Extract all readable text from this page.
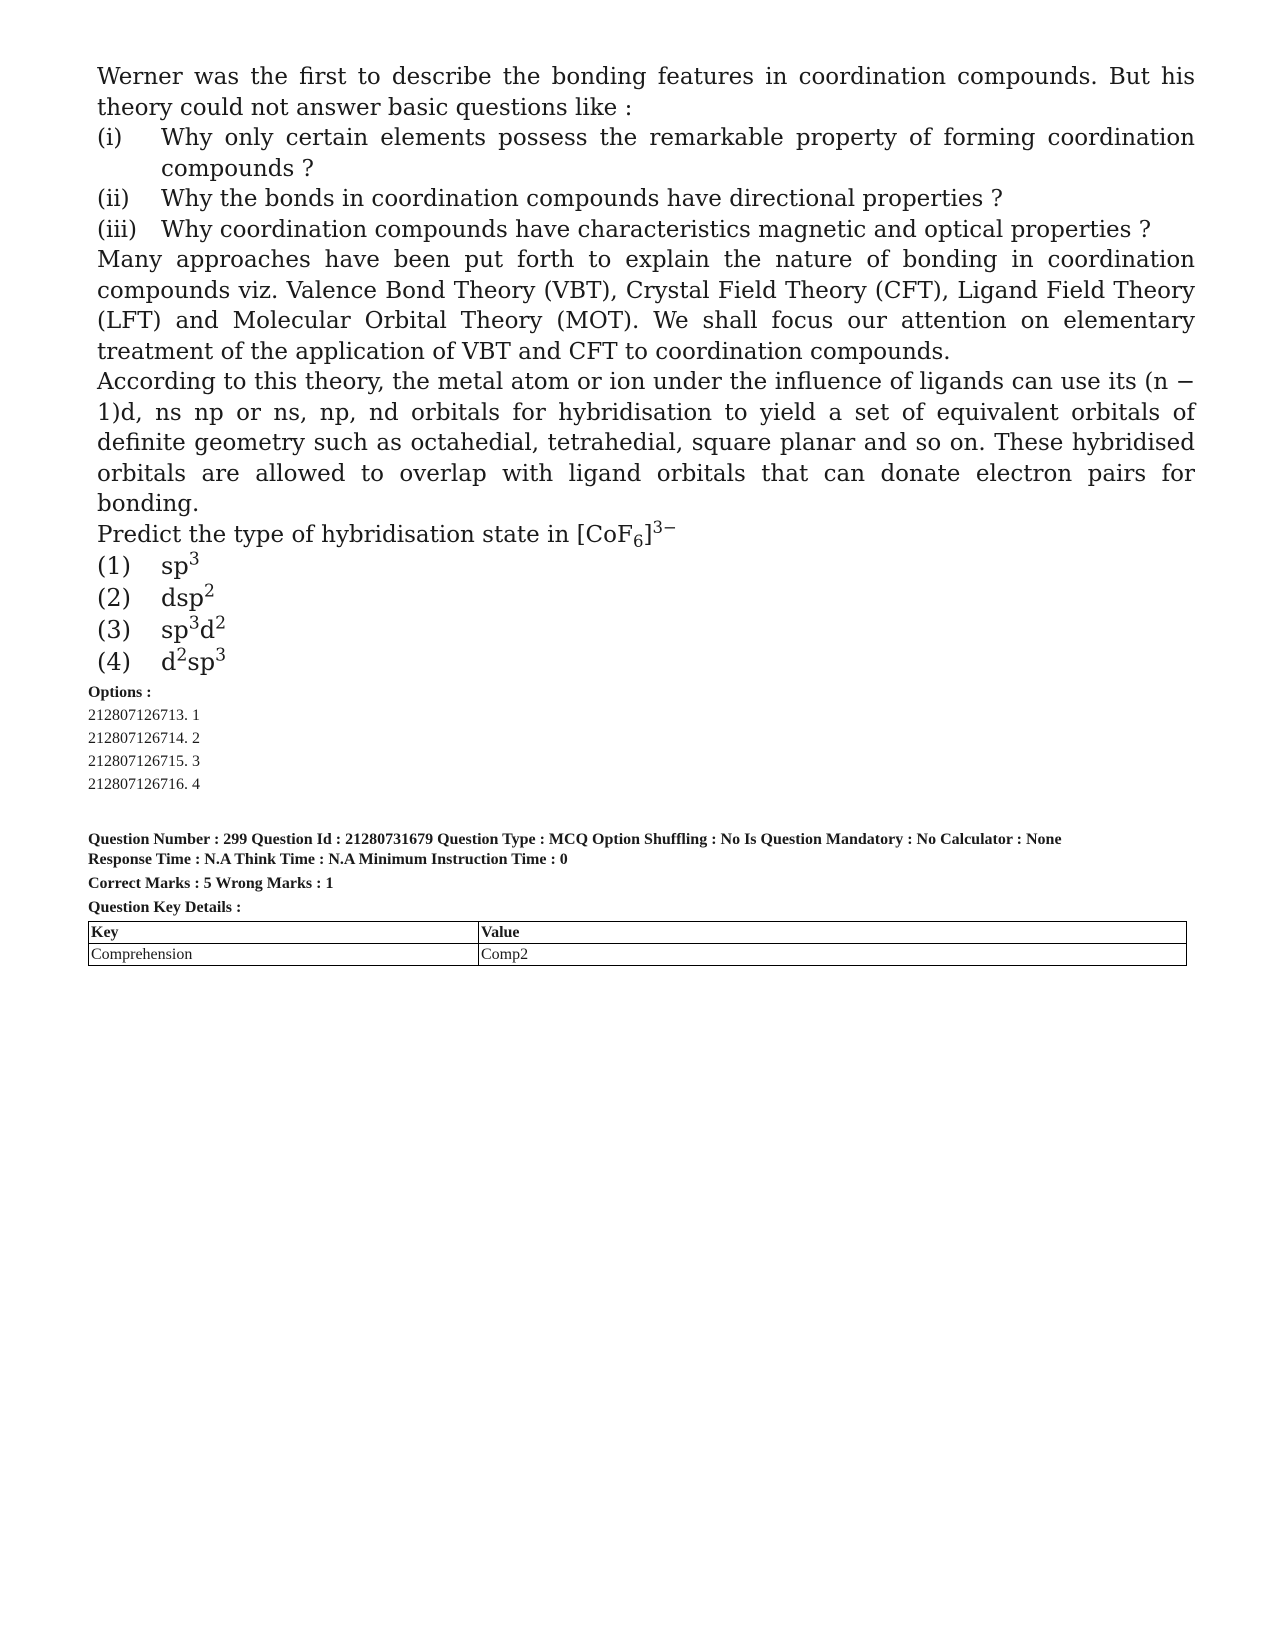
Werner was the first to describe the bonding features in coordination compounds. But his theory could not answer basic questions like :

(i)	Why only certain elements possess the remarkable property of forming coordination compounds ?
(ii)	Why the bonds in coordination compounds have directional properties ?
(iii)	Why coordination compounds have characteristics magnetic and optical properties ?

Many approaches have been put forth to explain the nature of bonding in coordination compounds viz. Valence Bond Theory (VBT), Crystal Field Theory (CFT), Ligand Field Theory (LFT) and Molecular Orbital Theory (MOT). We shall focus our attention on elementary treatment of the application of VBT and CFT to coordination compounds.

According to this theory, the metal atom or ion under the influence of ligands can use its (n − 1)d, ns np or ns, np, nd orbitals for hybridisation to yield a set of equivalent orbitals of definite geometry such as octahedial, tetrahedial, square planar and so on. These hybridised orbitals are allowed to overlap with ligand orbitals that can donate electron pairs for bonding.

Predict the type of hybridisation state in $[CoF_6]^{3-}$

(1)	$sp^3$
(2)	dsp$^2$
(3)	$sp^3d^2$
(4)	$d^2sp^3$
Options :
212807126713. 1
212807126714. 2
212807126715. 3
212807126716. 4
Question Number : 299 Question Id : 21280731679 Question Type : MCQ Option Shuffling : No Is Question Mandatory : No Calculator : None
Response Time : N.A Think Time : N.A Minimum Instruction Time : 0
Correct Marks : 5 Wrong Marks : 1
Question Key Details :
Key	Value
Comprehension	Comp2
